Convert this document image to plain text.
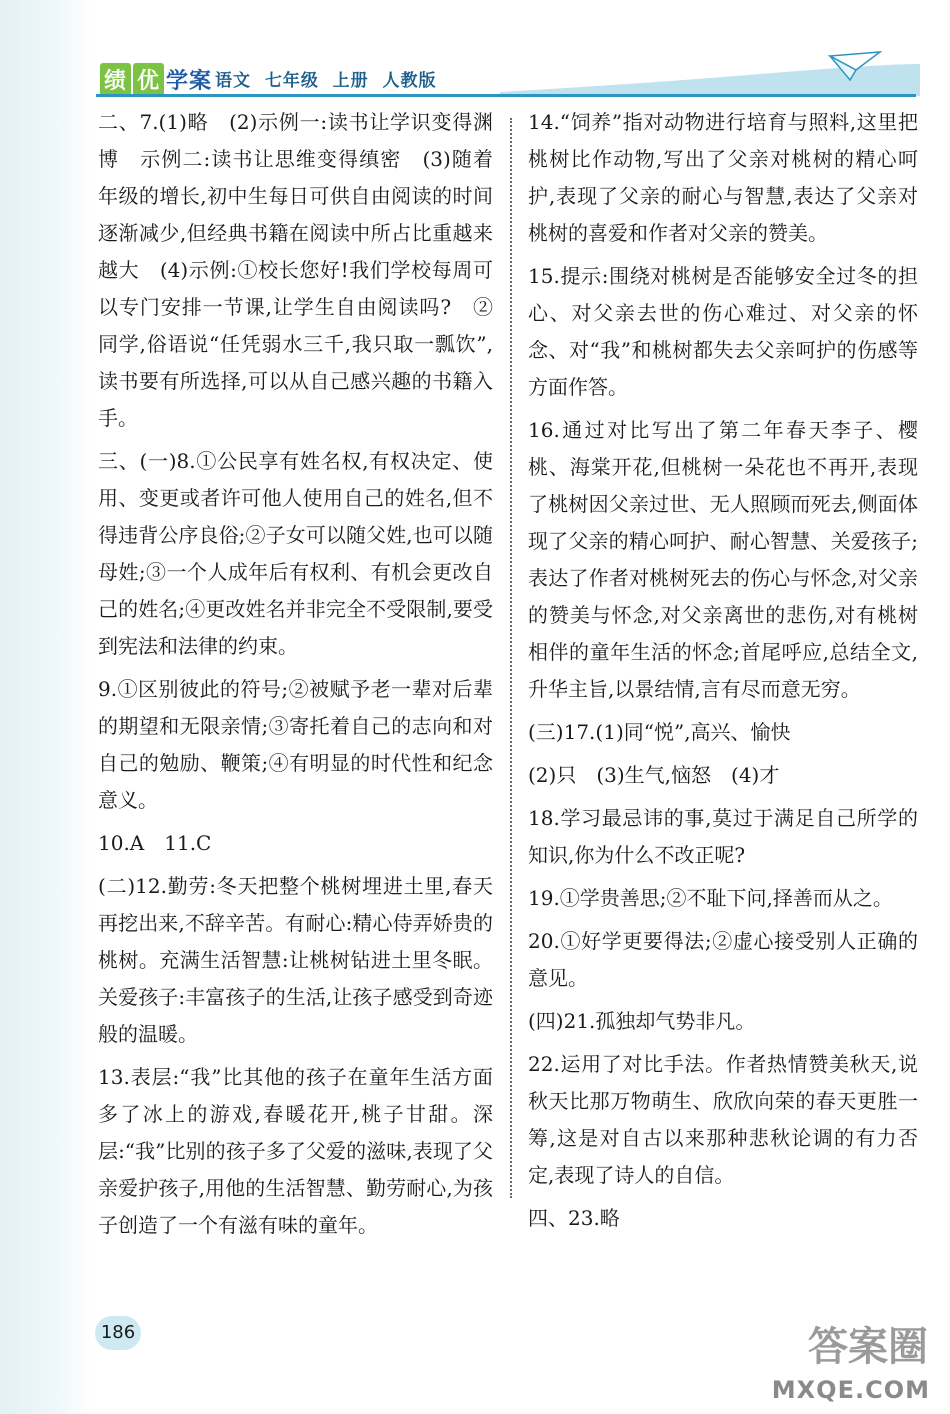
绩 优 学案 语文  七年级  上册  人教版

二、7.(1)略　(2)示例一:读书让学识变得渊博　示例二:读书让思维变得缜密　(3)随着年级的增长,初中生每日可供自由阅读的时间逐渐减少,但经典书籍在阅读中所占比重越来越大　(4)示例:①校长您好!我们学校每周可以专门安排一节课,让学生自由阅读吗?　②同学,俗语说“任凭弱水三千,我只取一瓢饮”,读书要有所选择,可以从自己感兴趣的书籍入手。

三、(一)8.①公民享有姓名权,有权决定、使用、变更或者许可他人使用自己的姓名,但不得违背公序良俗;②子女可以随父姓,也可以随母姓;③一个人成年后有权利、有机会更改自己的姓名;④更改姓名并非完全不受限制,要受到宪法和法律的约束。

9.①区别彼此的符号;②被赋予老一辈对后辈的期望和无限亲情;③寄托着自己的志向和对自己的勉励、鞭策;④有明显的时代性和纪念意义。

10.A　11.C

(二)12.勤劳:冬天把整个桃树埋进土里,春天再挖出来,不辞辛苦。有耐心:精心侍弄娇贵的桃树。充满生活智慧:让桃树钻进土里冬眠。关爱孩子:丰富孩子的生活,让孩子感受到奇迹般的温暖。

13.表层:“我”比其他的孩子在童年生活方面多了冰上的游戏,春暖花开,桃子甘甜。深层:“我”比别的孩子多了父爱的滋味,表现了父亲爱护孩子,用他的生活智慧、勤劳耐心,为孩子创造了一个有滋有味的童年。

14.“饲养”指对动物进行培育与照料,这里把桃树比作动物,写出了父亲对桃树的精心呵护,表现了父亲的耐心与智慧,表达了父亲对桃树的喜爱和作者对父亲的赞美。

15.提示:围绕对桃树是否能够安全过冬的担心、对父亲去世的伤心难过、对父亲的怀念、对“我”和桃树都失去父亲呵护的伤感等方面作答。

16.通过对比写出了第二年春天李子、樱桃、海棠开花,但桃树一朵花也不再开,表现了桃树因父亲过世、无人照顾而死去,侧面体现了父亲的精心呵护、耐心智慧、关爱孩子;表达了作者对桃树死去的伤心与怀念,对父亲的赞美与怀念,对父亲离世的悲伤,对有桃树相伴的童年生活的怀念;首尾呼应,总结全文,升华主旨,以景结情,言有尽而意无穷。

(三)17.(1)同“悦”,高兴、愉快

(2)只　(3)生气,恼怒　(4)才

18.学习最忌讳的事,莫过于满足自己所学的知识,你为什么不改正呢?

19.①学贵善思;②不耻下问,择善而从之。

20.①好学更要得法;②虚心接受别人正确的意见。

(四)21.孤独却气势非凡。

22.运用了对比手法。作者热情赞美秋天,说秋天比那万物萌生、欣欣向荣的春天更胜一筹,这是对自古以来那种悲秋论调的有力否定,表现了诗人的自信。

四、23.略

186	答案圈
MXQE.COM
